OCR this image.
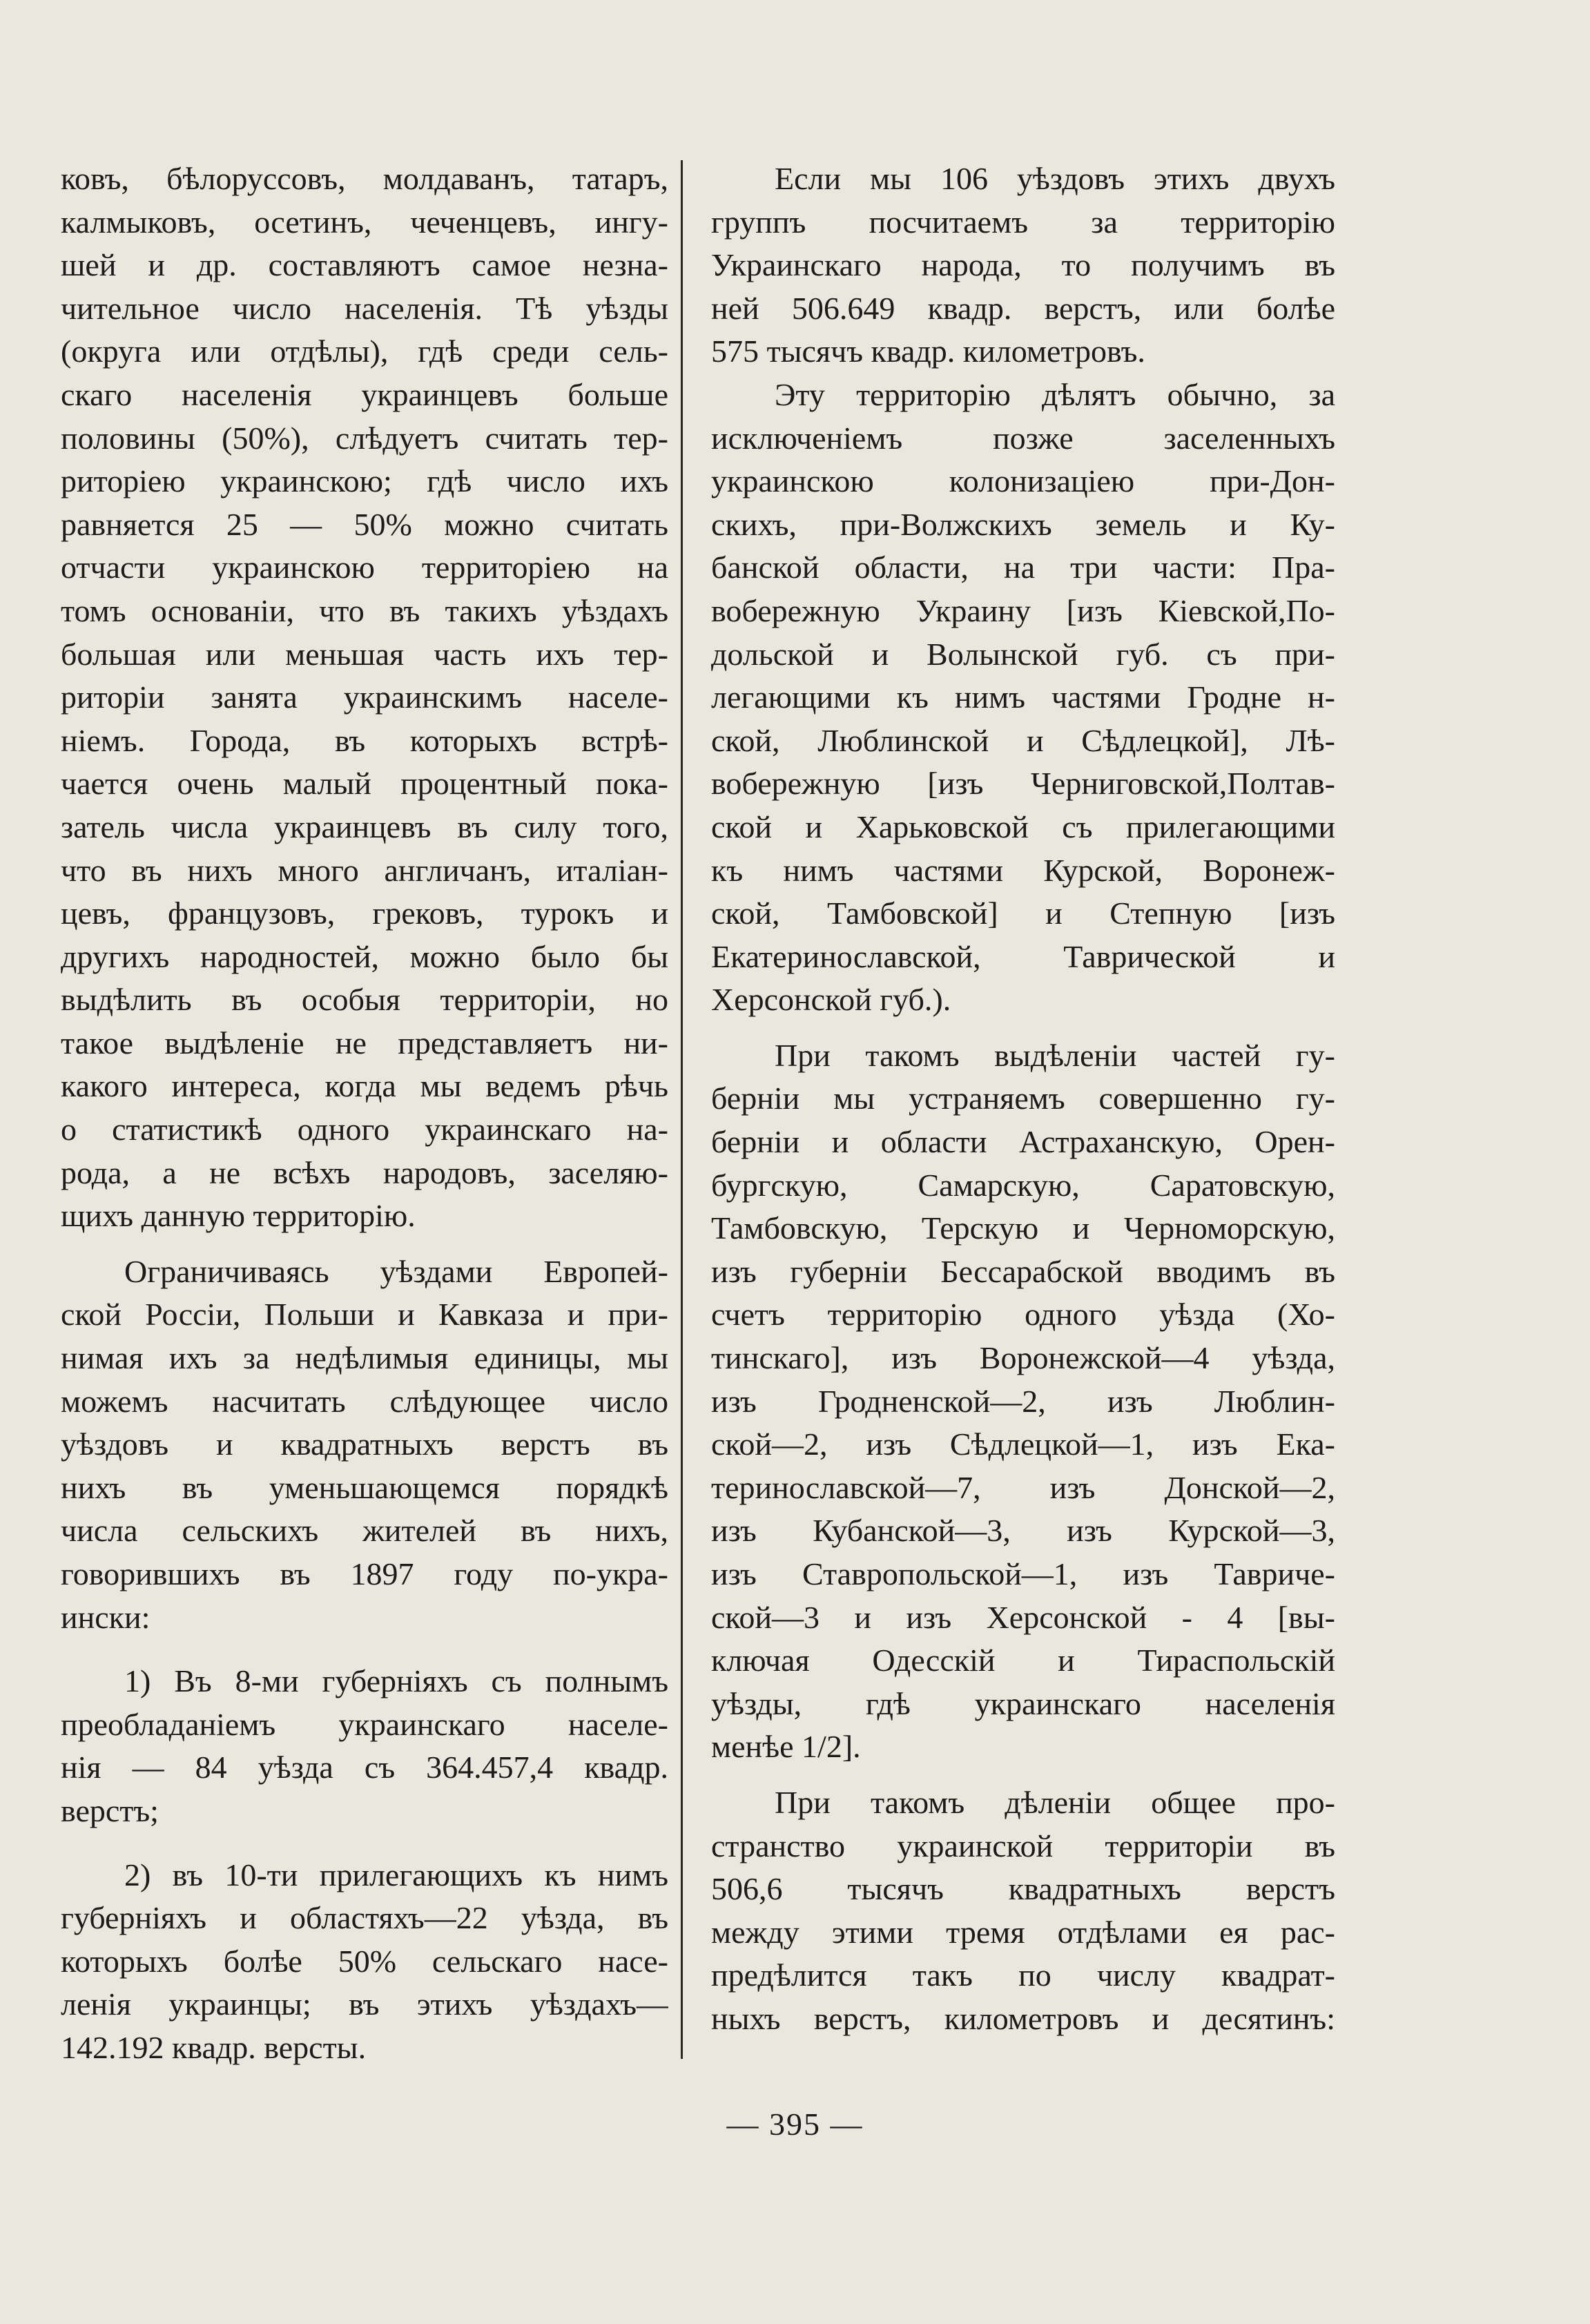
ковъ, бѣлоруссовъ, молдаванъ, татаръ,
калмыковъ, осетинъ, чеченцевъ, ингу-
шей и др. составляютъ самое незна-
чительное число населенія. Тѣ уѣзды
(округа или отдѣлы), гдѣ среди сель-
скаго населенія украинцевъ больше
половины (50%), слѣдуетъ считать тер-
риторіею украинскою; гдѣ число ихъ
равняется 25 — 50% можно считать
отчасти украинскою территоріею на
томъ основаніи, что въ такихъ уѣздахъ
большая или меньшая часть ихъ тер-
риторіи занята украинскимъ населе-
ніемъ. Города, въ которыхъ встрѣ-
чается очень малый процентный пока-
затель числа украинцевъ въ силу того,
что въ нихъ много англичанъ, италіан-
цевъ, французовъ, грековъ, турокъ и
другихъ народностей, можно было бы
выдѣлить въ особыя территоріи, но
такое выдѣленіе не представляетъ ни-
какого интереса, когда мы ведемъ рѣчь
о статистикѣ одного украинскаго на-
рода, а не всѣхъ народовъ, заселяю-
щихъ данную территорію.
  Ограничиваясь уѣздами Европей-
ской Россіи, Польши и Кавказа и при-
нимая ихъ за недѣлимыя единицы, мы
можемъ насчитать слѣдующее число
уѣздовъ и квадратныхъ верстъ въ
нихъ въ уменьшающемся порядкѣ
числа сельскихъ жителей въ нихъ,
говорившихъ въ 1897 году по-укра-
ински:
  1) Въ 8-ми губерніяхъ съ полнымъ
преобладаніемъ украинскаго населе-
нія — 84 уѣзда съ 364.457,4 квадр.
верстъ;
  2) въ 10-ти прилегающихъ къ нимъ
губерніяхъ и областяхъ—22 уѣзда, въ
которыхъ болѣе 50% сельскаго насе-
ленія украинцы; въ этихъ уѣздахъ—
142.192 квадр. версты.
  Если мы 106 уѣздовъ этихъ двухъ
группъ посчитаемъ за территорію
Украинскаго народа, то получимъ въ
ней 506.649 квадр. верстъ, или болѣе
575 тысячъ квадр. километровъ.
  Эту территорію дѣлятъ обычно, за
исключеніемъ позже заселенныхъ
украинскою колонизаціею при-Дон-
скихъ, при-Волжскихъ земель и Ку-
банской области, на три части: Пра-
вобережную Украину [изъ Кіевской,По-
дольской и Волынской губ. съ при-
легающими къ нимъ частями Гродне н-
ской, Люблинской и Сѣдлецкой], Лѣ-
вобережную [изъ Черниговской,Полтав-
ской и Харьковской съ прилегающими
къ нимъ частями Курской, Воронеж-
ской, Тамбовской] и Степную [изъ
Екатеринославской, Таврической и
Херсонской губ.).
  При такомъ выдѣленіи частей гу-
берніи мы устраняемъ совершенно гу-
берніи и области Астраханскую, Орен-
бургскую, Самарскую, Саратовскую,
Тамбовскую, Терскую и Черноморскую,
изъ губерніи Бессарабской вводимъ въ
счетъ территорію одного уѣзда (Хо-
тинскаго], изъ Воронежской—4 уѣзда,
изъ Гродненской—2, изъ Люблин-
ской—2, изъ Сѣдлецкой—1, изъ Ека-
теринославской—7, изъ Донской—2,
изъ Кубанской—3, изъ Курской—3,
изъ Ставропольской—1, изъ Тавриче-
ской—3 и изъ Херсонской - 4 [вы-
ключая Одесскій и Тираспольскій
уѣзды, гдѣ украинскаго населенія
менѣе 1/2].
  При такомъ дѣленіи общее про-
странство украинской территоріи въ
506,6 тысячъ квадратныхъ верстъ
между этими тремя отдѣлами ея рас-
предѣлится такъ по числу квадрат-
ныхъ верстъ, километровъ и десятинъ:
— 395 —
